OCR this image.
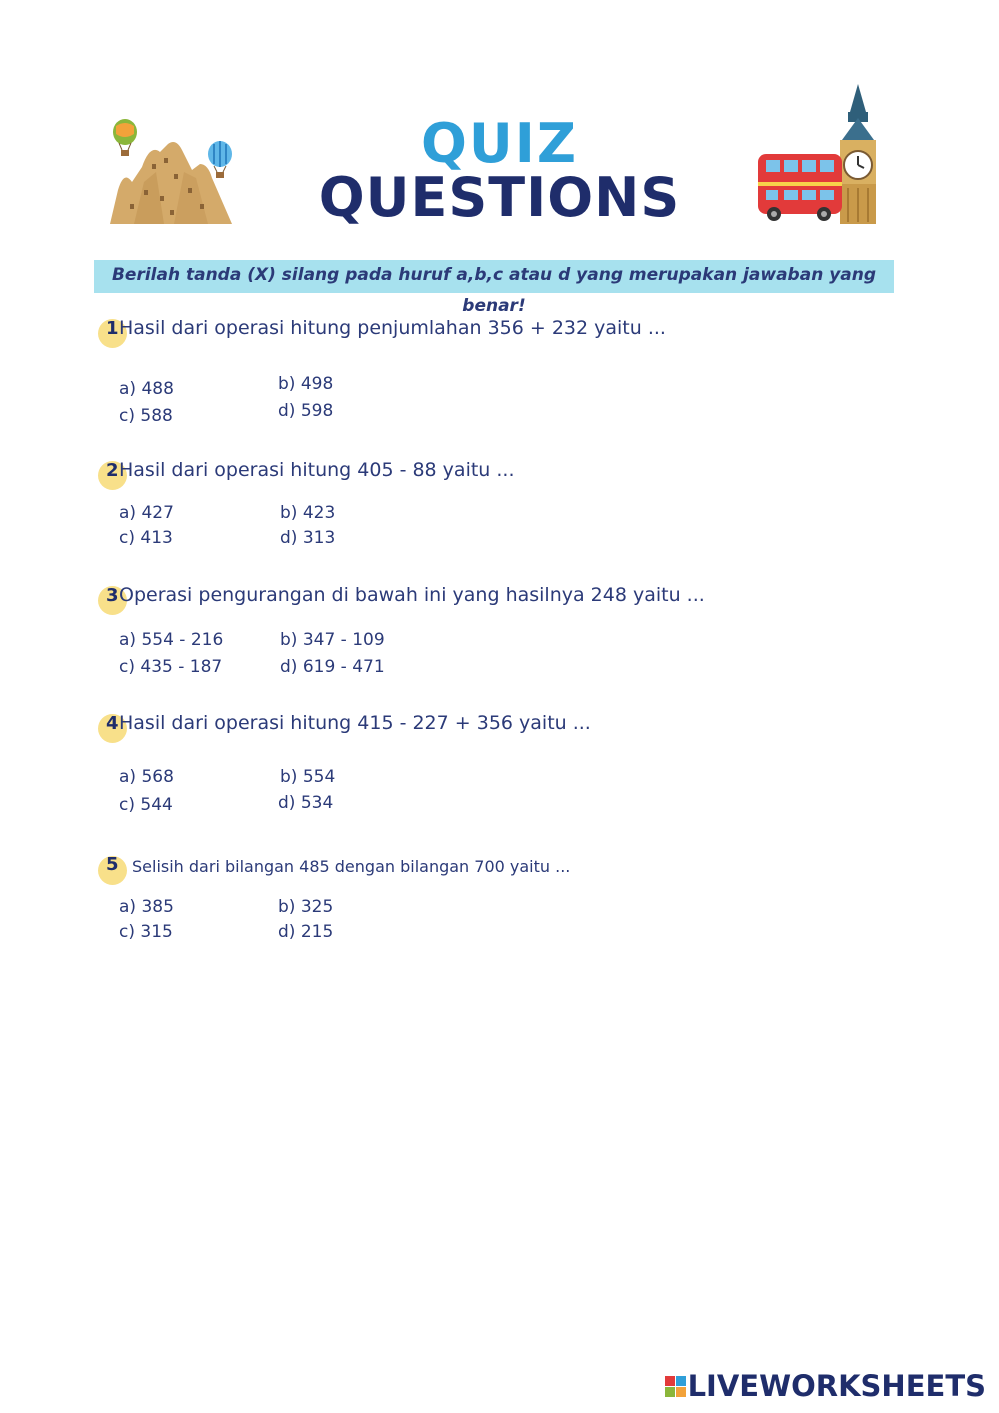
QUIZ
QUESTIONS
Berilah tanda (X) silang pada huruf a,b,c atau d yang merupakan jawaban yang benar!
1 Hasil dari operasi hitung penjumlahan 356 + 232 yaitu ...
a) 488	b) 498
c) 588	d) 598
2 Hasil dari operasi hitung 405 - 88 yaitu ...
a) 427	b) 423
c) 413	d) 313
3 Operasi pengurangan di bawah ini yang hasilnya 248 yaitu ...
a) 554 - 216	b) 347 - 109
c) 435 - 187	d) 619 - 471
4 Hasil dari operasi hitung 415 - 227 + 356 yaitu ...
a) 568	b) 554
c) 544	d) 534
5 Selisih dari bilangan 485 dengan bilangan 700 yaitu ...
a) 385	b) 325
c) 315	d) 215
LIVEWORKSHEETS
